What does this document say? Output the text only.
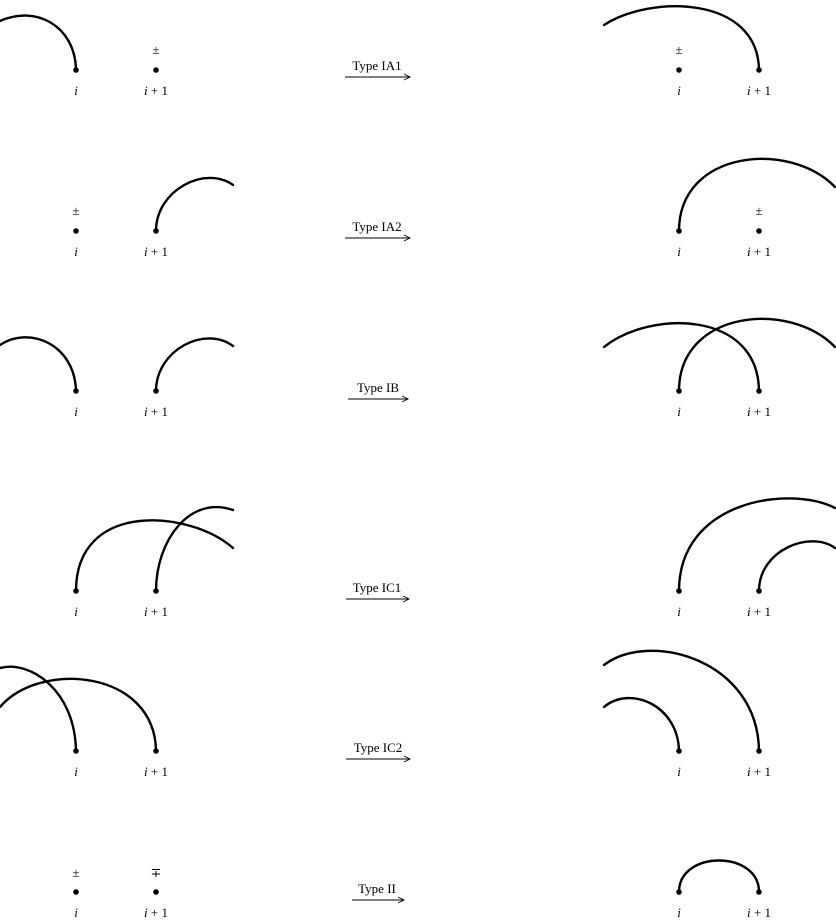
±
i	i + 1
Type IA1
±
i	i + 1
±
i	i + 1
Type IA2
±
i	i + 1
i	i + 1
Type IB
i	i + 1
i	i + 1
Type IC1
i	i + 1
i	i + 1
Type IC2
i	i + 1
±	∓
i	i + 1
Type II
i	i + 1
